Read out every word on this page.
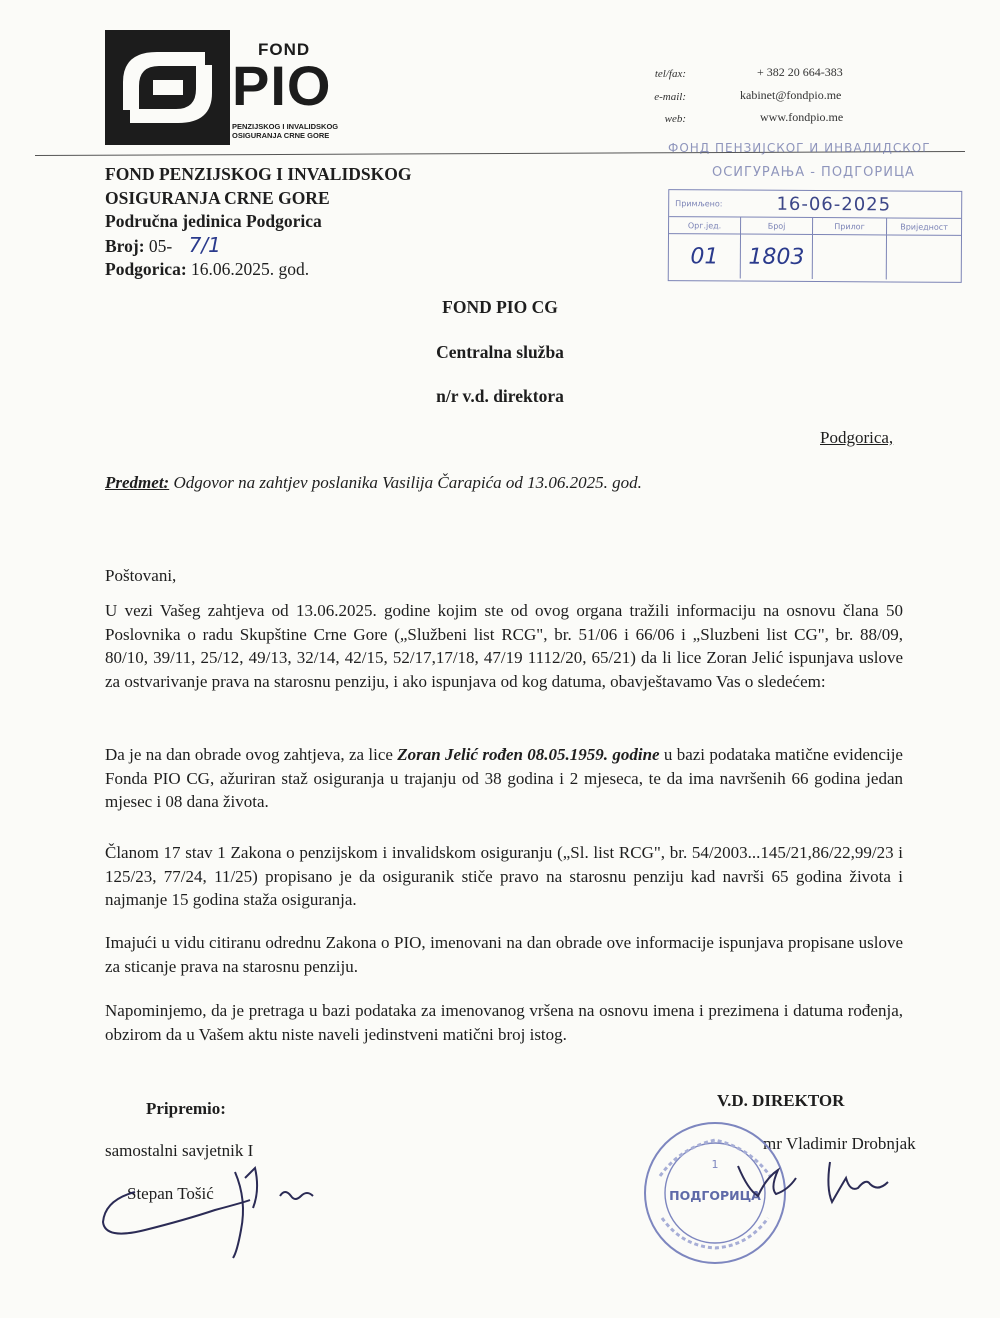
FOND
PIO
PENZIJSKOG I INVALIDSKOG
OSIGURANJA CRNE GORE
tel/fax:	+ 382 20 664-383
e-mail:	kabinet@fondpio.me
web:	www.fondpio.me
ФОНД ПЕНЗИЈСКОГ И ИНВАЛИДСКОГ
ОСИГУРАЊА - ПОДГОРИЦА
Примљено:	16-06-2025
Орг.јед.	Број	Прилог	Вриједност
01	1803
FOND PENZIJSKOG I INVALIDSKOG
OSIGURANJA CRNE GORE
Područna jedinica Podgorica
Broj: 05- 7/1
Podgorica: 16.06.2025. god.
FOND PIO CG
Centralna služba
n/r v.d. direktora
Podgorica,
Predmet: Odgovor na zahtjev poslanika Vasilija Čarapića od 13.06.2025. god.
Poštovani,
U vezi Vašeg zahtjeva od 13.06.2025. godine kojim ste od ovog organa tražili informaciju na osnovu člana 50 Poslovnika o radu Skupštine Crne Gore („Službeni list RCG", br. 51/06 i 66/06 i „Sluzbeni list CG", br. 88/09, 80/10, 39/11, 25/12, 49/13, 32/14, 42/15, 52/17,17/18, 47/19 1112/20, 65/21) da li lice Zoran Jelić ispunjava uslove za ostvarivanje prava na starosnu penziju, i ako ispunjava od kog datuma, obavještavamo Vas o sledećem:
Da je na dan obrade ovog zahtjeva, za lice Zoran Jelić rođen 08.05.1959. godine u bazi podataka matične evidencije Fonda PIO CG, ažuriran staž osiguranja u trajanju od 38 godina i 2 mjeseca, te da ima navršenih 66 godina jedan mjesec i 08 dana života.
Članom 17 stav 1 Zakona o penzijskom i invalidskom osiguranju („Sl. list RCG", br. 54/2003...145/21,86/22,99/23 i 125/23, 77/24, 11/25) propisano je da osiguranik stiče pravo na starosnu penziju kad navrši 65 godina života i najmanje 15 godina staža osiguranja.
Imajući u vidu citiranu odrednu Zakona o PIO, imenovani na dan obrade ove informacije ispunjava propisane uslove za sticanje prava na starosnu penziju.
Napominjemo, da je pretraga u bazi podataka za imenovanog vršena na osnovu imena i prezimena i datuma rođenja, obzirom da u Vašem aktu niste naveli jedinstveni matični broj istog.
Pripremio:
samostalni savjetnik I
Stepan Tošić
V.D. DIREKTOR
mr Vladimir Drobnjak
1
ПОДГОРИЦА
